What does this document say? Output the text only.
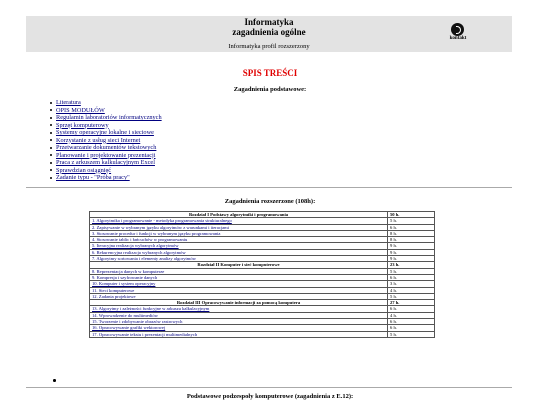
Informatyka
zagadnienia ogólne
Informatyka profil rozszerzony
kontakt
SPIS TREŚCI
Zagadnienia podstawowe:
Literatura
OPIS MODUŁÓW
Regulamin laboratoriów informatycznych
Sprzęt komputerowy
Systemy operacyjne lokalne i sieciowe
Korzystanie z usług sieci Internet
Przetwarzanie dokumentów tekstowych
Planowanie i projektowanie prezentacji
Praca z arkuszem kalkulacyjnym Excel
Sprawdzian osiągnięć
Zadanie typu - "Próba pracy"
Zagadnienia rozszerzone (108h):
Rozdział I Podstawy algorytmiki i programowania	50 h.
1. Algorytmika i programowanie - metodyka programowania strukturalnego	5 h.
2. Zapisywanie w wybranym języku algorytmów z warunkami i iteracjami	6 h.
3. Stosowanie procedur i funkcji w wybranym języku programowania	8 h.
4. Stosowanie tablic i łańcuchów w programowaniu	8 h.
5. Iteracyjna realizacja wybranych algorytmów	9 h.
6. Rekurencyjna realizacja wybranych algorytmów	9 h.
7. Algorytmy sortowania i elementy analizy algorytmów	9 h.
Rozdział II Komputer i sieć komputerowe	23 h.
8. Reprezentacja danych w komputerze	5 h.
9. Kompresja i szyfrowanie danych	6 h.
10. Komputer i system operacyjny	3 h.
11. Sieci komputerowe	4 h.
12. Zadania projektowe	5 h.
Rozdział III Opracowywanie informacji za pomocą komputera	27 h.
13. Algorytmy i zależności funkcyjne w arkuszu kalkulacyjnym	6 h.
14. Wprowadzenie do multimediów	4 h.
15. Tworzenie i zdobywanie obrazów rastrowych	6 h.
16. Opracowywanie grafiki wektorowej	6 h.
17. Opracowywanie tekstu i prezentacji multimedialnych	5 h.
Podstawowe podzespoły komputerowe (zagadnienia z E.12):
